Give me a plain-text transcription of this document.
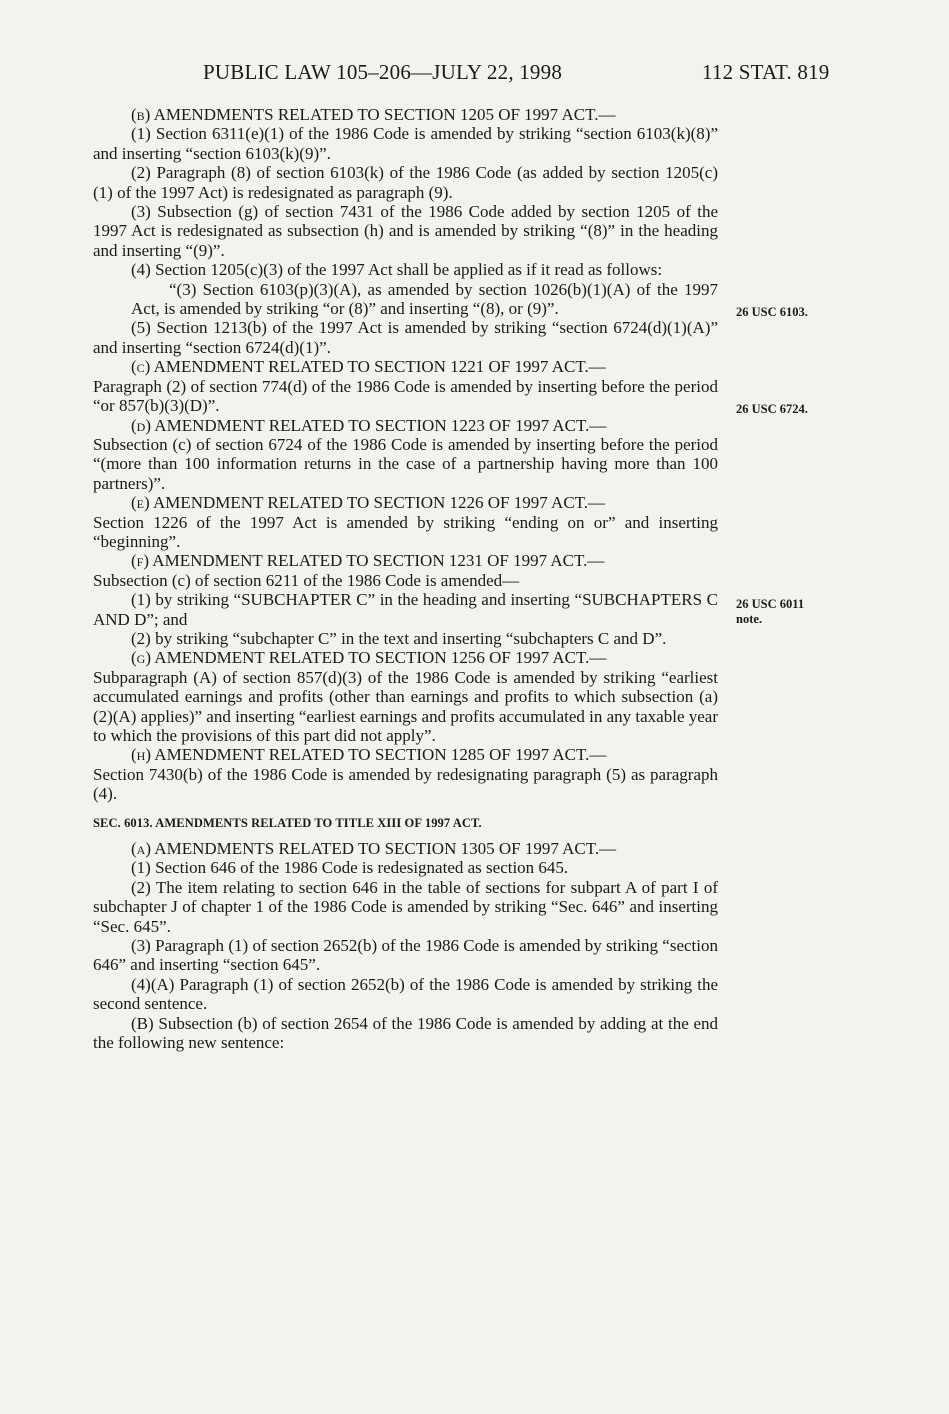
PUBLIC LAW 105–206—JULY 22, 1998	112 STAT. 819
26 USC 6103.
26 USC 6724.
26 USC 6011
note.

(b) AMENDMENTS RELATED TO SECTION 1205 OF 1997 ACT.—

(1) Section 6311(e)(1) of the 1986 Code is amended by striking “section 6103(k)(8)” and inserting “section 6103(k)(9)”.

(2) Paragraph (8) of section 6103(k) of the 1986 Code (as added by section 1205(c)(1) of the 1997 Act) is redesignated as paragraph (9).

(3) Subsection (g) of section 7431 of the 1986 Code added by section 1205 of the 1997 Act is redesignated as subsection (h) and is amended by striking “(8)” in the heading and inserting “(9)”.

(4) Section 1205(c)(3) of the 1997 Act shall be applied as if it read as follows:

“(3) Section 6103(p)(3)(A), as amended by section 1026(b)(1)(A) of the 1997 Act, is amended by striking “or (8)” and inserting “(8), or (9)”.

(5) Section 1213(b) of the 1997 Act is amended by striking “section 6724(d)(1)(A)” and inserting “section 6724(d)(1)”.

(c) AMENDMENT RELATED TO SECTION 1221 OF 1997 ACT.—

Paragraph (2) of section 774(d) of the 1986 Code is amended by inserting before the period “or 857(b)(3)(D)”.

(d) AMENDMENT RELATED TO SECTION 1223 OF 1997 ACT.—

Subsection (c) of section 6724 of the 1986 Code is amended by inserting before the period “(more than 100 information returns in the case of a partnership having more than 100 partners)”.

(e) AMENDMENT RELATED TO SECTION 1226 OF 1997 ACT.—

Section 1226 of the 1997 Act is amended by striking “ending on or” and inserting “beginning”.

(f) AMENDMENT RELATED TO SECTION 1231 OF 1997 ACT.—

Subsection (c) of section 6211 of the 1986 Code is amended—

(1) by striking “SUBCHAPTER C” in the heading and inserting “SUBCHAPTERS C AND D”; and

(2) by striking “subchapter C” in the text and inserting “subchapters C and D”.

(g) AMENDMENT RELATED TO SECTION 1256 OF 1997 ACT.—

Subparagraph (A) of section 857(d)(3) of the 1986 Code is amended by striking “earliest accumulated earnings and profits (other than earnings and profits to which subsection (a)(2)(A) applies)” and inserting “earliest earnings and profits accumulated in any taxable year to which the provisions of this part did not apply”.

(h) AMENDMENT RELATED TO SECTION 1285 OF 1997 ACT.—

Section 7430(b) of the 1986 Code is amended by redesignating paragraph (5) as paragraph (4).

SEC. 6013. AMENDMENTS RELATED TO TITLE XIII OF 1997 ACT.

(a) AMENDMENTS RELATED TO SECTION 1305 OF 1997 ACT.—

(1) Section 646 of the 1986 Code is redesignated as section 645.

(2) The item relating to section 646 in the table of sections for subpart A of part I of subchapter J of chapter 1 of the 1986 Code is amended by striking “Sec. 646” and inserting “Sec. 645”.

(3) Paragraph (1) of section 2652(b) of the 1986 Code is amended by striking “section 646” and inserting “section 645”.

(4)(A) Paragraph (1) of section 2652(b) of the 1986 Code is amended by striking the second sentence.

(B) Subsection (b) of section 2654 of the 1986 Code is amended by adding at the end the following new sentence:
